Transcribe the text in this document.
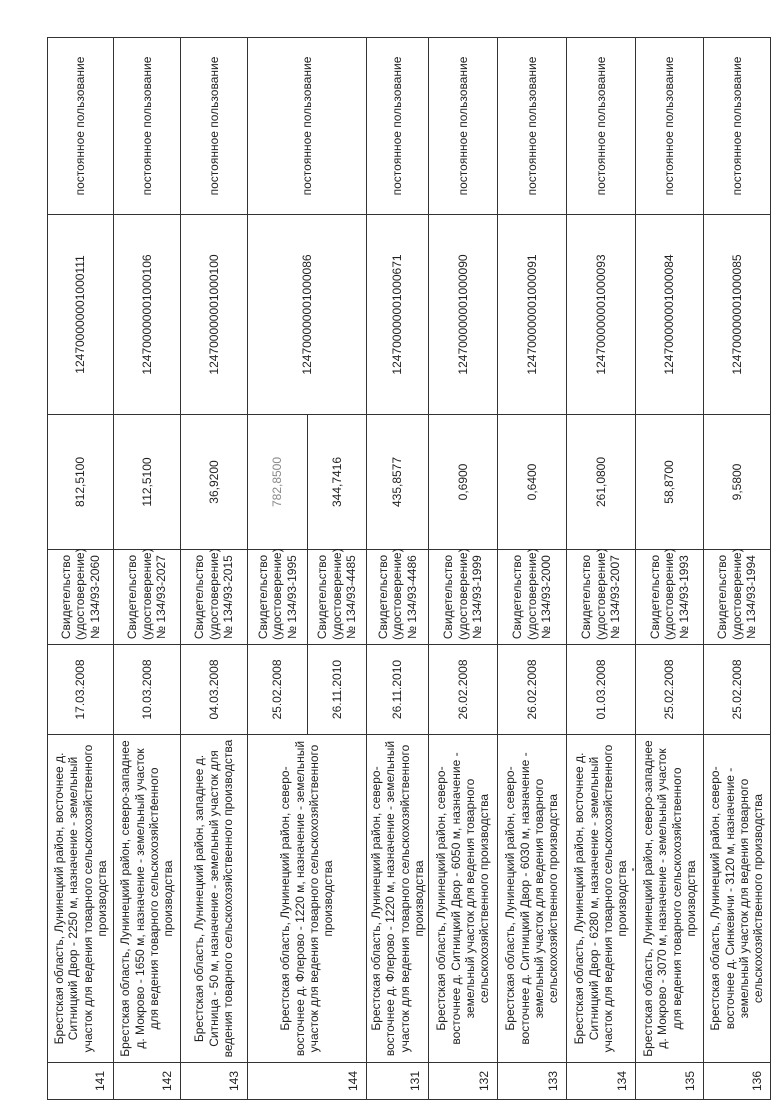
141	Брестская область, Лунинецкий район, восточнее д. Ситницкий Двор - 2250 м, назначение - земельный участок для ведения товарного сельскохозяйственного производства	17.03.2008	Свидетельство (удостоверение) № 134/93-2060	812,5100	124700000001000111	постоянное пользование
142	Брестская область, Лунинецкий район, северо-западнее д. Мокрово - 1650 м, назначение - земельный участок для ведения товарного сельскохозяйственного производства	10.03.2008	Свидетельство (удостоверение) № 134/93-2027	112,5100	124700000001000106	постоянное пользование
143	Брестская область, Лунинецкий район, западнее д. Ситница - 50 м, назначение - земельный участок для ведения товарного сельскохозяйственного производства	04.03.2008	Свидетельство (удостоверение) № 134/93-2015	36,9200	124700000001000100	постоянное пользование
144	Брестская область, Лунинецкий район, северо-восточнее д. Флерово - 1220 м, назначение - земельный участок для ведения товарного сельскохозяйственного производства	25.02.2008	Свидетельство (удостоверение) № 134/93-1995	782,8500	124700000001000086	постоянное пользование
		26.11.2010	Свидетельство (удостоверение) № 134/93-4485	344,7416		
131	Брестская область, Лунинецкий район, северо-восточнее д. Флерово - 1220 м, назначение - земельный участок для ведения товарного сельскохозяйственного производства	26.11.2010	Свидетельство (удостоверение) № 134/93-4486	435,8577	124700000001000671	постоянное пользование
132	Брестская область, Лунинецкий район, северо-восточнее д. Ситницкий Двор - 6050 м, назначение - земельный участок для ведения товарного сельскохозяйственного производства	26.02.2008	Свидетельство (удостоверение) № 134/93-1999	0,6900	124700000001000090	постоянное пользование
133	Брестская область, Лунинецкий район, северо-восточнее д. Ситницкий Двор - 6030 м, назначение - земельный участок для ведения товарного сельскохозяйственного производства	26.02.2008	Свидетельство (удостоверение) № 134/93-2000	0,6400	124700000001000091	постоянное пользование
134	Брестская область, Лунинецкий район, восточнее д. Ситницкий Двор - 6280 м, назначение - земельный участок для ведения товарного сельскохозяйственного производства	01.03.2008	Свидетельство (удостоверение) № 134/93-2007	261,0800	124700000001000093	постоянное пользование
135	Брестская область, Лунинецкий район, северо-западнее д. Мокрово - 3070 м, назначение - земельный участок для ведения товарного сельскохозяйственного производства	25.02.2008	Свидетельство (удостоверение) № 134/93-1993	58,8700	124700000001000084	постоянное пользование
136	Брестская область, Лунинецкий район, северо-восточнее д. Синкевичи - 3120 м, назначение - земельный участок для ведения товарного сельскохозяйственного производства	25.02.2008	Свидетельство (удостоверение) № 134/93-1994	9,5800	124700000001000085	постоянное пользование
